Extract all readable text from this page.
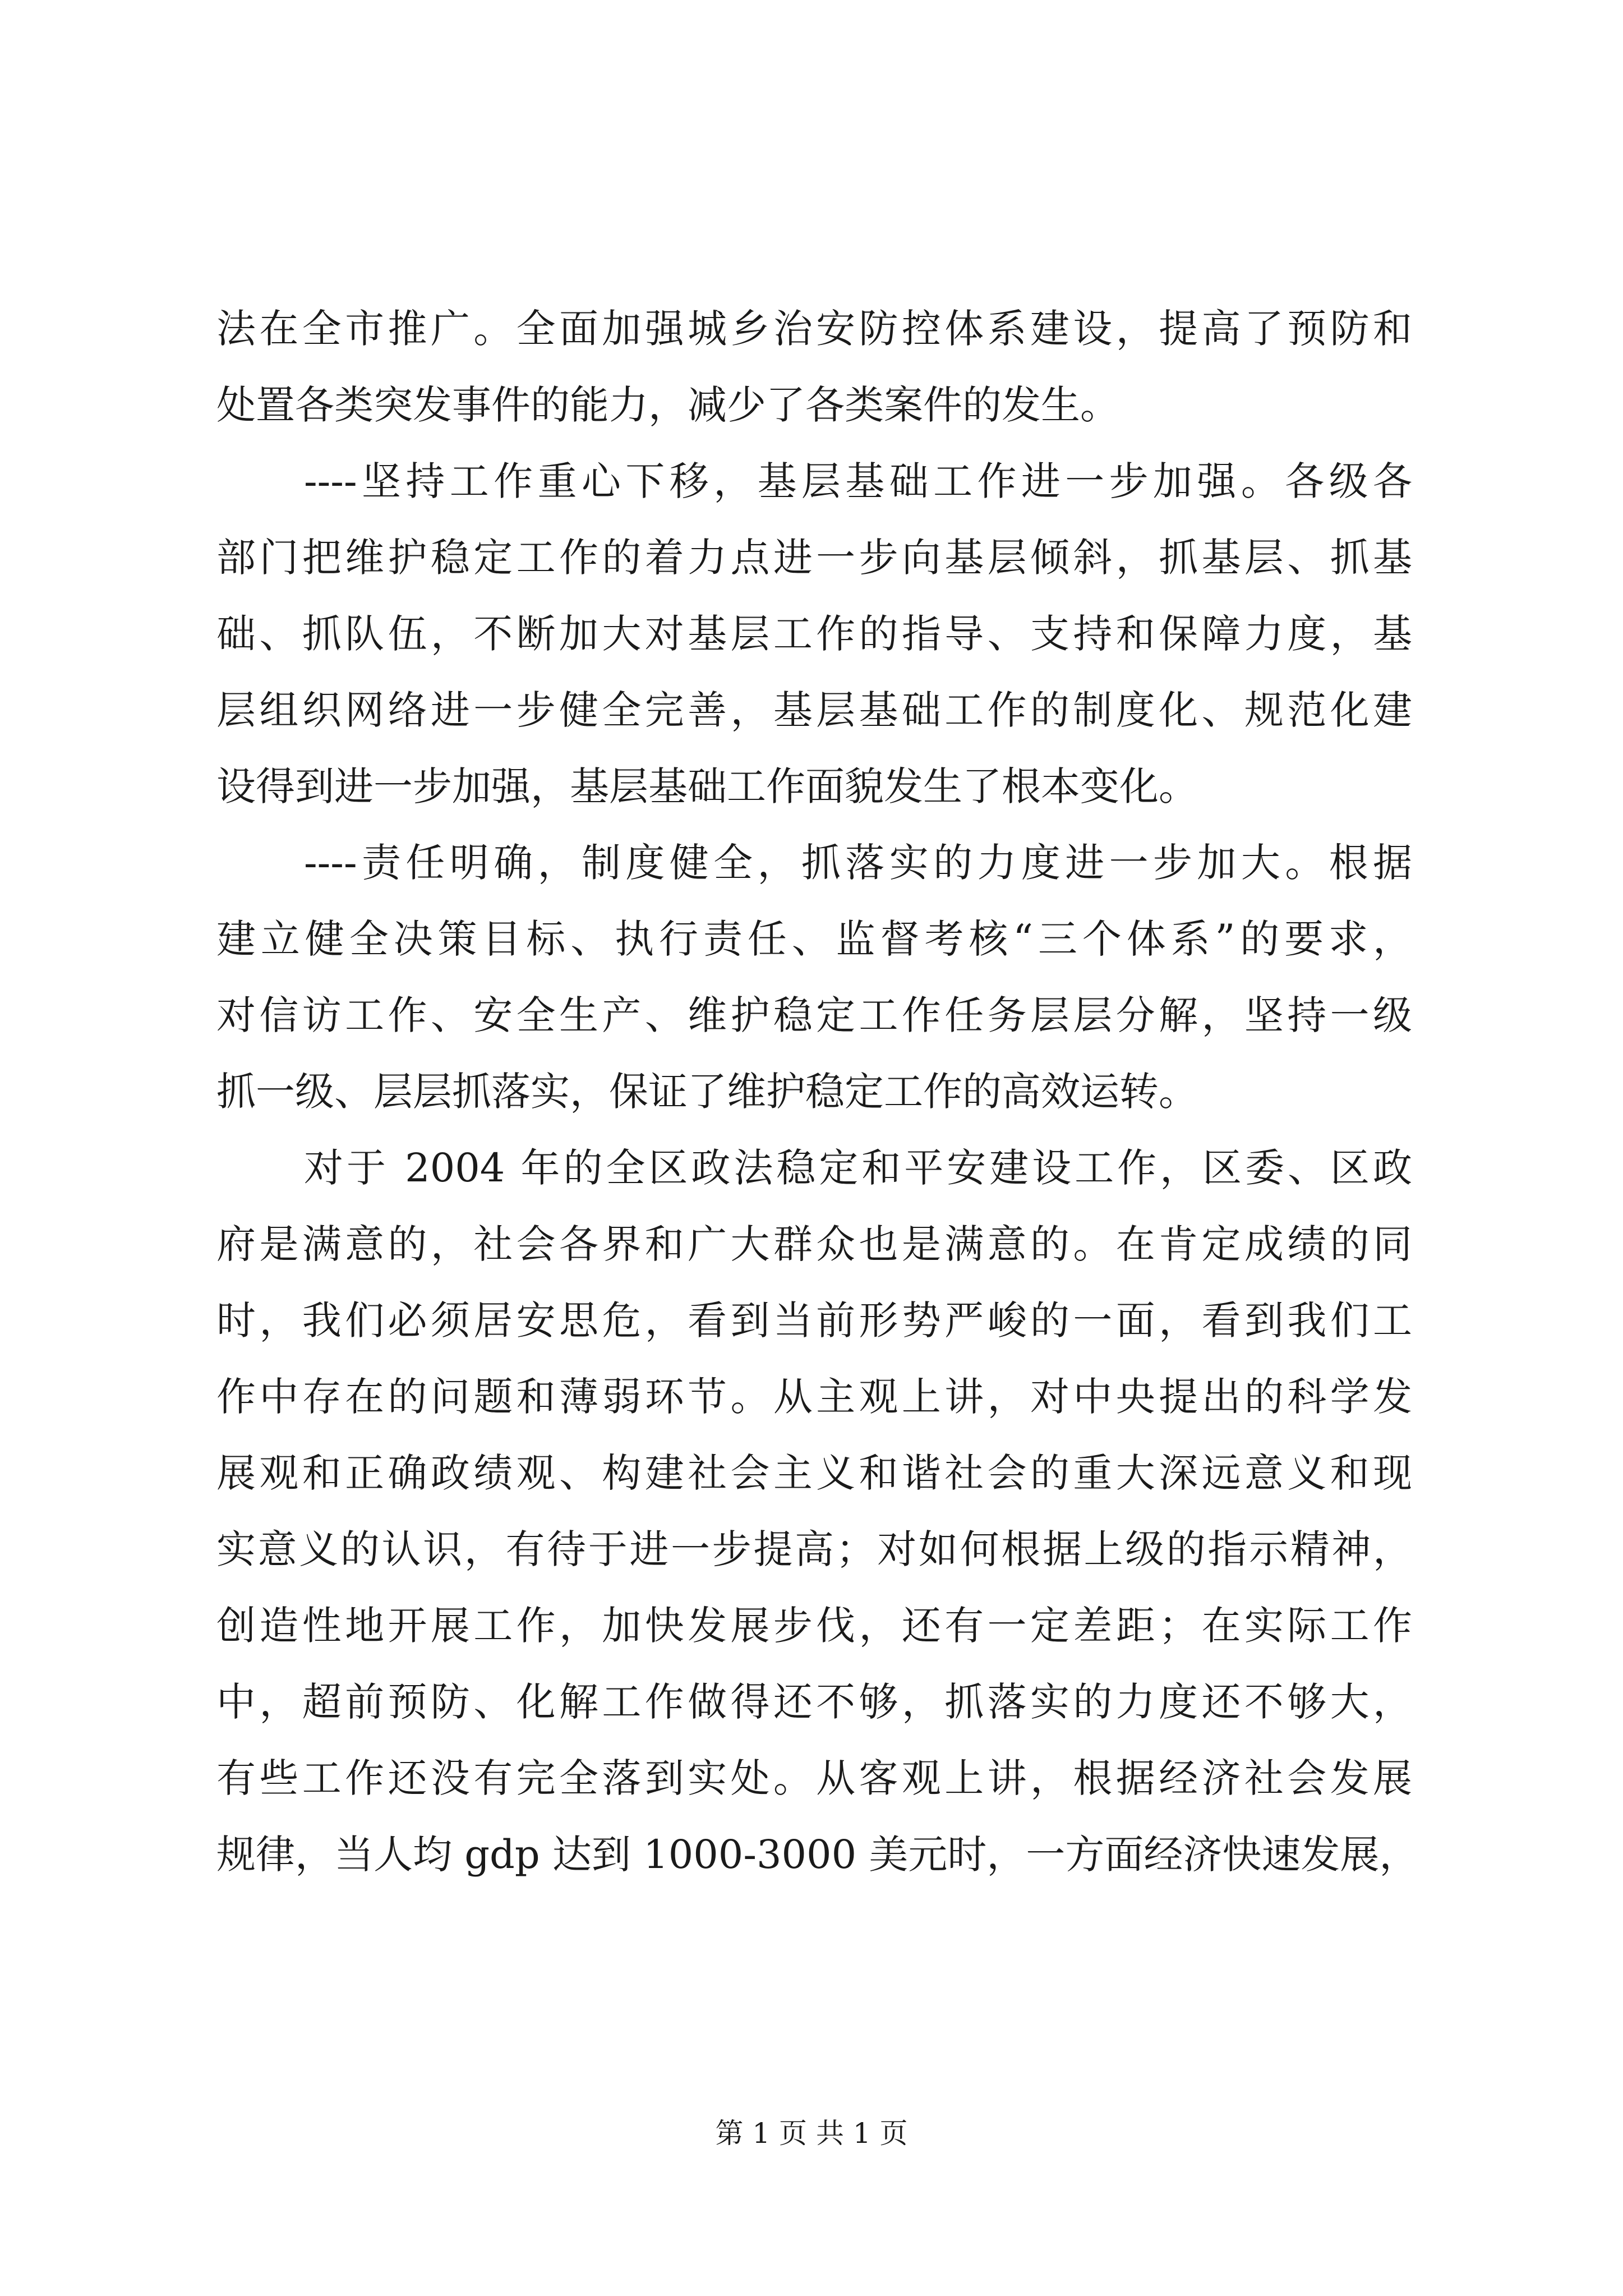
法在全市推广。全面加强城乡治安防控体系建设，提高了预防和
处置各类突发事件的能力，减少了各类案件的发生。
----坚持工作重心下移，基层基础工作进一步加强。各级各
部门把维护稳定工作的着力点进一步向基层倾斜，抓基层、抓基
础、抓队伍，不断加大对基层工作的指导、支持和保障力度，基
层组织网络进一步健全完善，基层基础工作的制度化、规范化建
设得到进一步加强，基层基础工作面貌发生了根本变化。
----责任明确，制度健全，抓落实的力度进一步加大。根据
建立健全决策目标、执行责任、监督考核“三个体系”的要求，
对信访工作、安全生产、维护稳定工作任务层层分解，坚持一级
抓一级、层层抓落实，保证了维护稳定工作的高效运转。
对于 2004 年的全区政法稳定和平安建设工作，区委、区政
府是满意的，社会各界和广大群众也是满意的。在肯定成绩的同
时，我们必须居安思危，看到当前形势严峻的一面，看到我们工
作中存在的问题和薄弱环节。从主观上讲，对中央提出的科学发
展观和正确政绩观、构建社会主义和谐社会的重大深远意义和现
实意义的认识，有待于进一步提高；对如何根据上级的指示精神，
创造性地开展工作，加快发展步伐，还有一定差距；在实际工作
中，超前预防、化解工作做得还不够，抓落实的力度还不够大，
有些工作还没有完全落到实处。从客观上讲，根据经济社会发展
规律，当人均 gdp 达到 1000-3000 美元时，一方面经济快速发展，
第 1 页 共 1 页
